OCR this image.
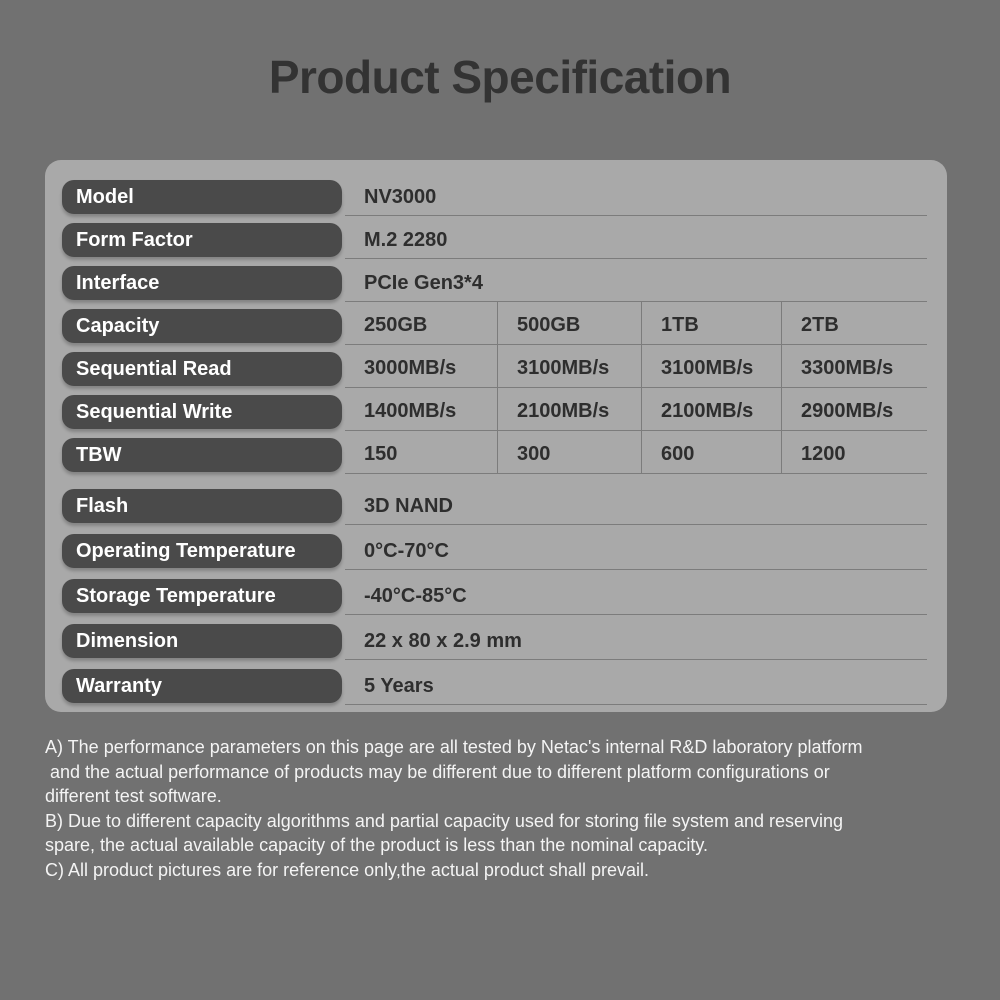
Product Specification
Model	NV3000
Form Factor	M.2 2280
Interface	PCIe Gen3*4
Capacity	250GB	500GB	1TB	2TB
Sequential Read	3000MB/s	3100MB/s	3100MB/s	3300MB/s
Sequential Write	1400MB/s	2100MB/s	2100MB/s	2900MB/s
TBW	150	300	600	1200
Flash	3D NAND
Operating Temperature	0°C-70°C
Storage Temperature	-40°C-85°C
Dimension	22 x 80 x 2.9 mm
Warranty	5 Years
A) The performance parameters on this page are all tested by Netac's internal R&D laboratory platform
and the actual performance of products may be different due to different platform configurations or
different test software.
B) Due to different capacity algorithms and partial capacity used for storing file system and reserving
spare, the actual available capacity of the product is less than the nominal capacity.
C) All product pictures are for reference only,the actual product shall prevail.
